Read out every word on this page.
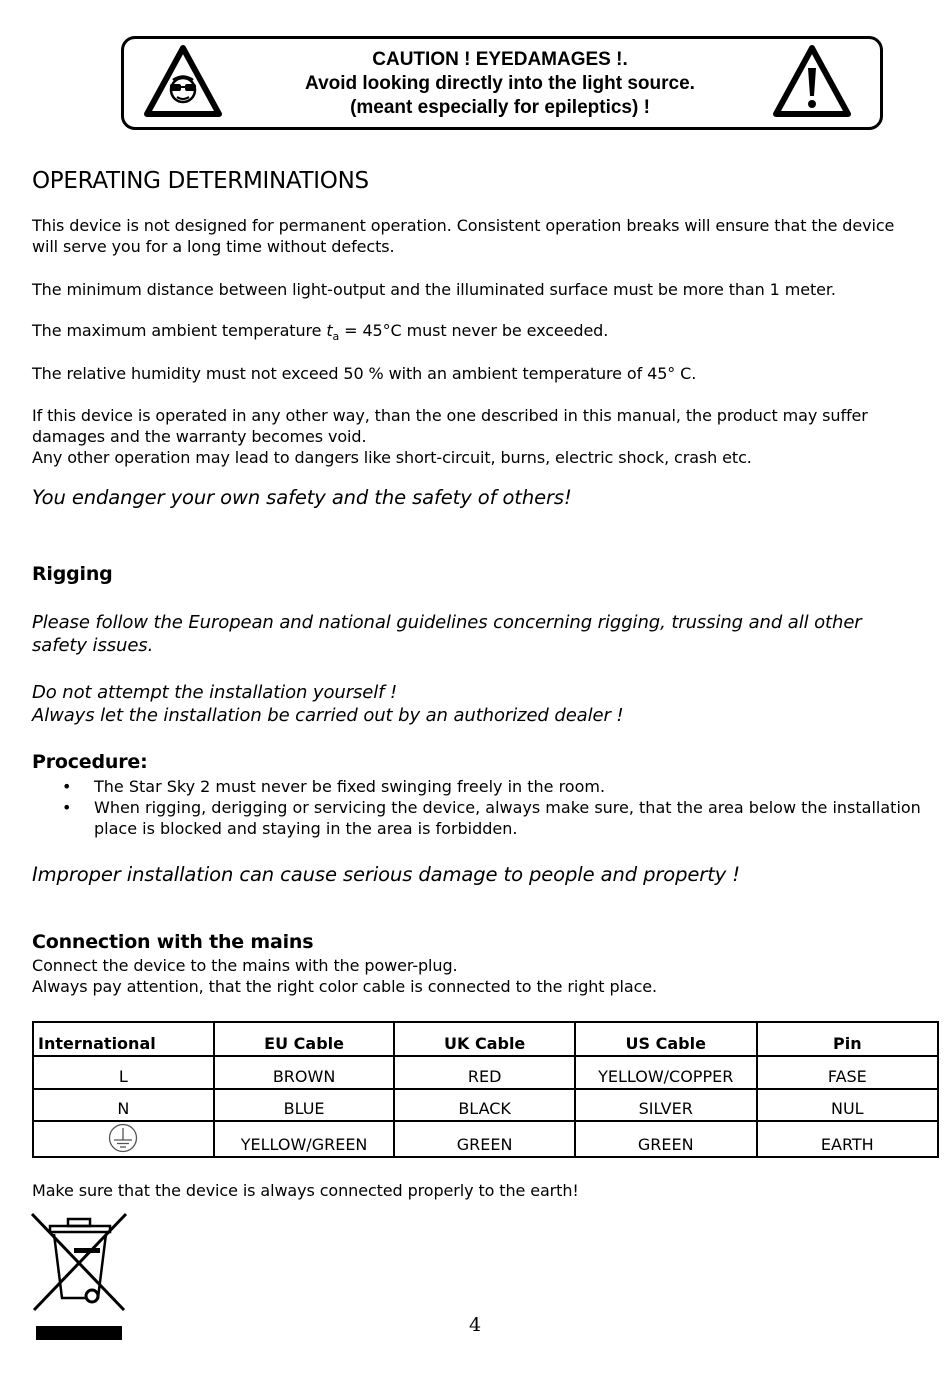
CAUTION ! EYEDAMAGES !.
Avoid looking directly into the light source.
(meant especially for epileptics) !
OPERATING DETERMINATIONS
This device is not designed for permanent operation. Consistent operation breaks will ensure that the device will serve you for a long time without defects.
The minimum distance between light-output and the illuminated surface must be more than 1 meter.
The maximum ambient temperature $t_a = 45^\circ C$ must never be exceeded.
The relative humidity must not exceed 50 % with an ambient temperature of 45° C.
If this device is operated in any other way, than the one described in this manual, the product may suffer damages and the warranty becomes void.
Any other operation may lead to dangers like short-circuit, burns, electric shock, crash etc.
You endanger your own safety and the safety of others!
Rigging
Please follow the European and national guidelines concerning rigging, trussing and all other safety issues.
Do not attempt the installation yourself !
Always let the installation be carried out by an authorized dealer !
Procedure:
• The Star Sky 2 must never be fixed swinging freely in the room.
• When rigging, derigging or servicing the device, always make sure, that the area below the installation place is blocked and staying in the area is forbidden.
Improper installation can cause serious damage to people and property !
Connection with the mains
Connect the device to the mains with the power-plug.
Always pay attention, that the right color cable is connected to the right place.
International	EU Cable	UK Cable	US Cable	Pin
L	BROWN	RED	YELLOW/COPPER	FASE
N	BLUE	BLACK	SILVER	NUL

	YELLOW/GREEN	GREEN	GREEN	EARTH
Make sure that the device is always connected properly to the earth!
4
